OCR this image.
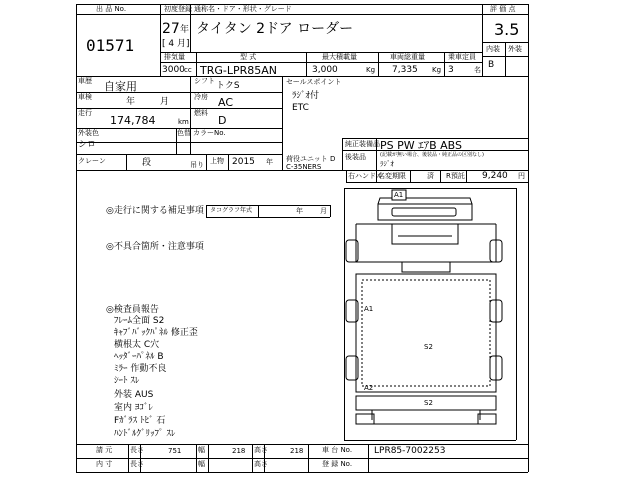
出 品 No.
01571
初度登録
27 年
[ 4 月]
通称名・ドア・形状・グレード
タイタン 2ドア ローダー
評 価 点
3.5
内装 外装
B
排気量
3000 cc
型 式
TRG-LPR85AN
最大積載量
3,000	Kg
車両総重量
7,335 Kg
乗車定員
3	名
車歴 自家用	シフト トクS
車検	年	月	冷房 AC
走行
174,784	km
燃料
D
外装色
シロ
色替 カラーNo.
クレーン	段	吊り 上物 2015 年 荷役ユニット D
C-35NERS
セールスポイント
ﾗｼﾞｵ付
ETC
純正装備品 PS PW ｴｱB ABS
後装品	(記載が無い場合、後装品・純正品の区別なし)
ﾗｼﾞｵ
右ハンドル
名変期限	済 R預託 9,240 円
◎走行に関する補足事項 タコグラフ年式	年 月
◎不具合箇所・注意事項
◎検査員報告
ﾌﾚｰﾑ全面 S2
ｷｬﾌﾞﾊﾞｯｸﾊﾟﾈﾙ 修正歪
横根太 C穴
ﾍｯﾀﾞｰﾊﾟﾈﾙ B
ﾐﾗｰ 作動不良
ｼｰﾄ ｽﾚ
外装 AUS
室内 ﾖｺﾞﾚ
Fｶﾞﾗｽ ﾄﾋﾞ 石
ﾊﾝﾄﾞﾙｸﾞﾘｯﾌﾟ ｽﾚ
A1
A1
S2
A2
S2
請 元	長さ	751 幅	218 高さ	218	車 台 No. LPR85-7002253
内 寸	長さ	幅	高さ	登 録 No.
